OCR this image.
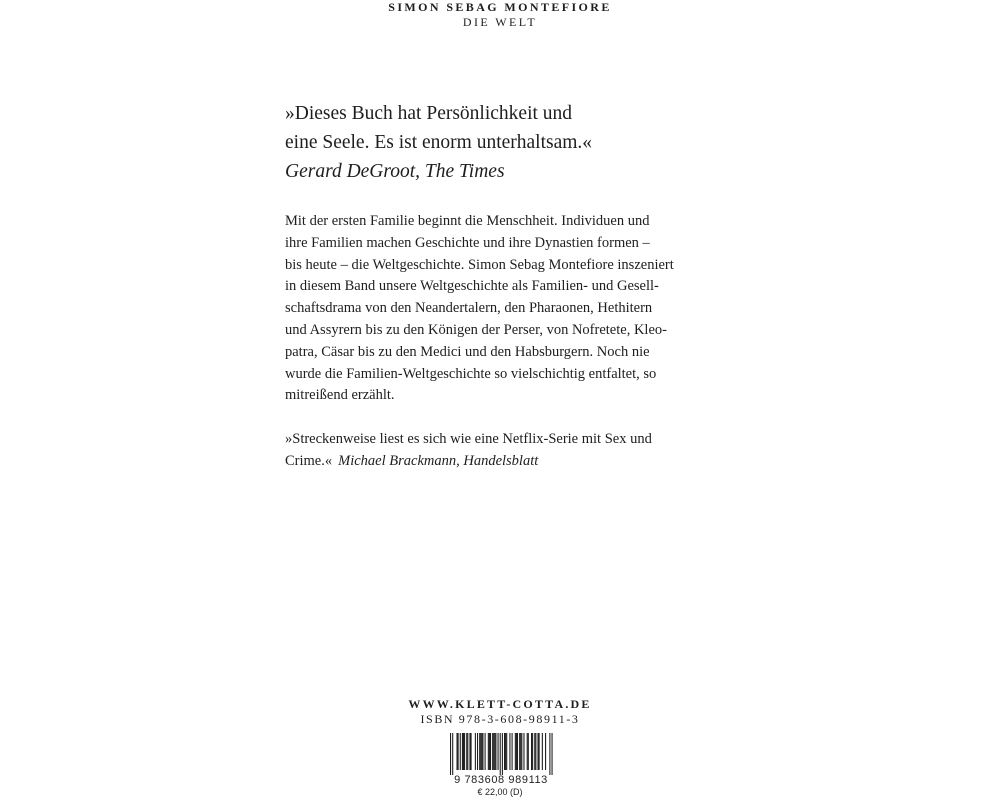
SIMON SEBAG MONTEFIORE
DIE WELT
»Dieses Buch hat Persönlichkeit und
eine Seele. Es ist enorm unterhaltsam.«
Gerard DeGroot, The Times
Mit der ersten Familie beginnt die Menschheit. Individuen und
ihre Familien machen Geschichte und ihre Dynastien formen –
bis heute – die Weltgeschichte. Simon Sebag Montefiore inszeniert
in diesem Band unsere Weltgeschichte als Familien- und Gesell-
schaftsdrama von den Neandertalern, den Pharaonen, Hethitern
und Assyrern bis zu den Königen der Perser, von Nofretete, Kleo-
patra, Cäsar bis zu den Medici und den Habsburgern. Noch nie
wurde die Familien-Weltgeschichte so vielschichtig entfaltet, so
mitreißend erzählt.
»Streckenweise liest es sich wie eine Netflix-Serie mit Sex und
Crime.« Michael Brackmann, Handelsblatt
WWW.KLETT-COTTA.DE
ISBN 978-3-608-98911-3
9 783608 989113
€ 22,00 (D)
